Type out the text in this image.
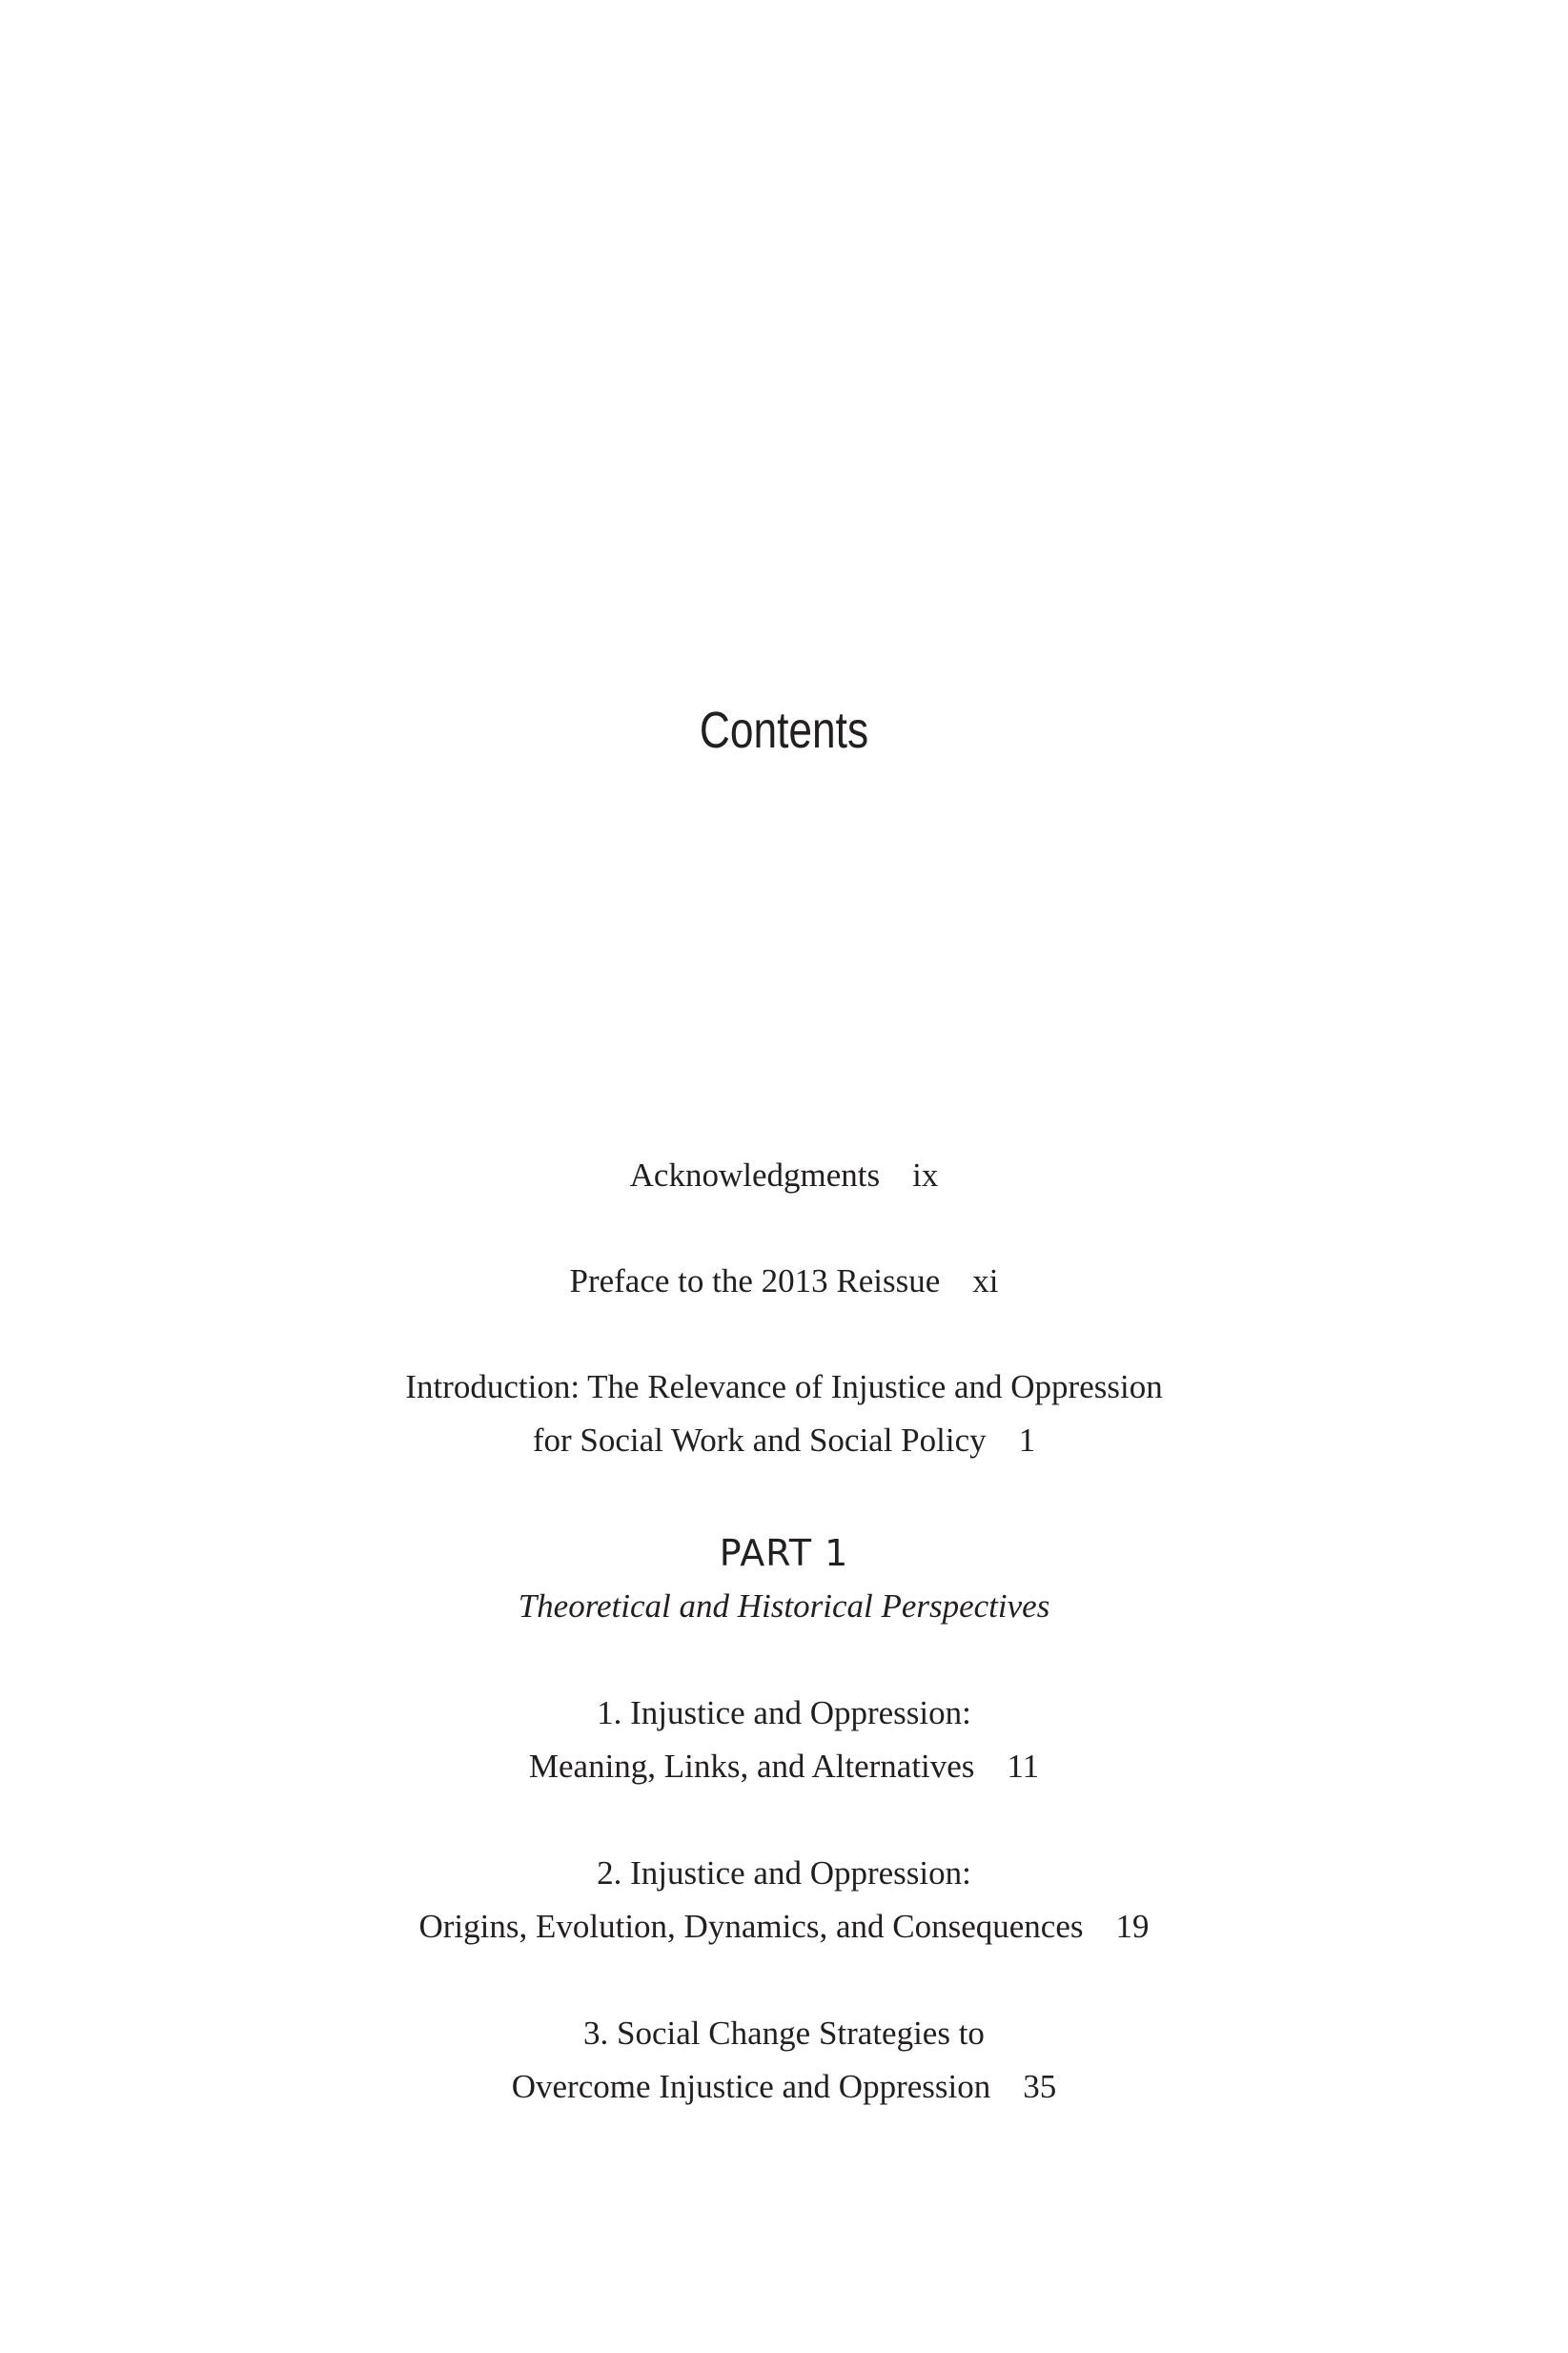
Contents

Acknowledgments ix

Preface to the 2013 Reissue xi

Introduction: The Relevance of Injustice and Oppression
for Social Work and Social Policy 1

PART 1
Theoretical and Historical Perspectives

1. Injustice and Oppression:
Meaning, Links, and Alternatives 11

2. Injustice and Oppression:
Origins, Evolution, Dynamics, and Consequences 19

3. Social Change Strategies to
Overcome Injustice and Oppression 35
